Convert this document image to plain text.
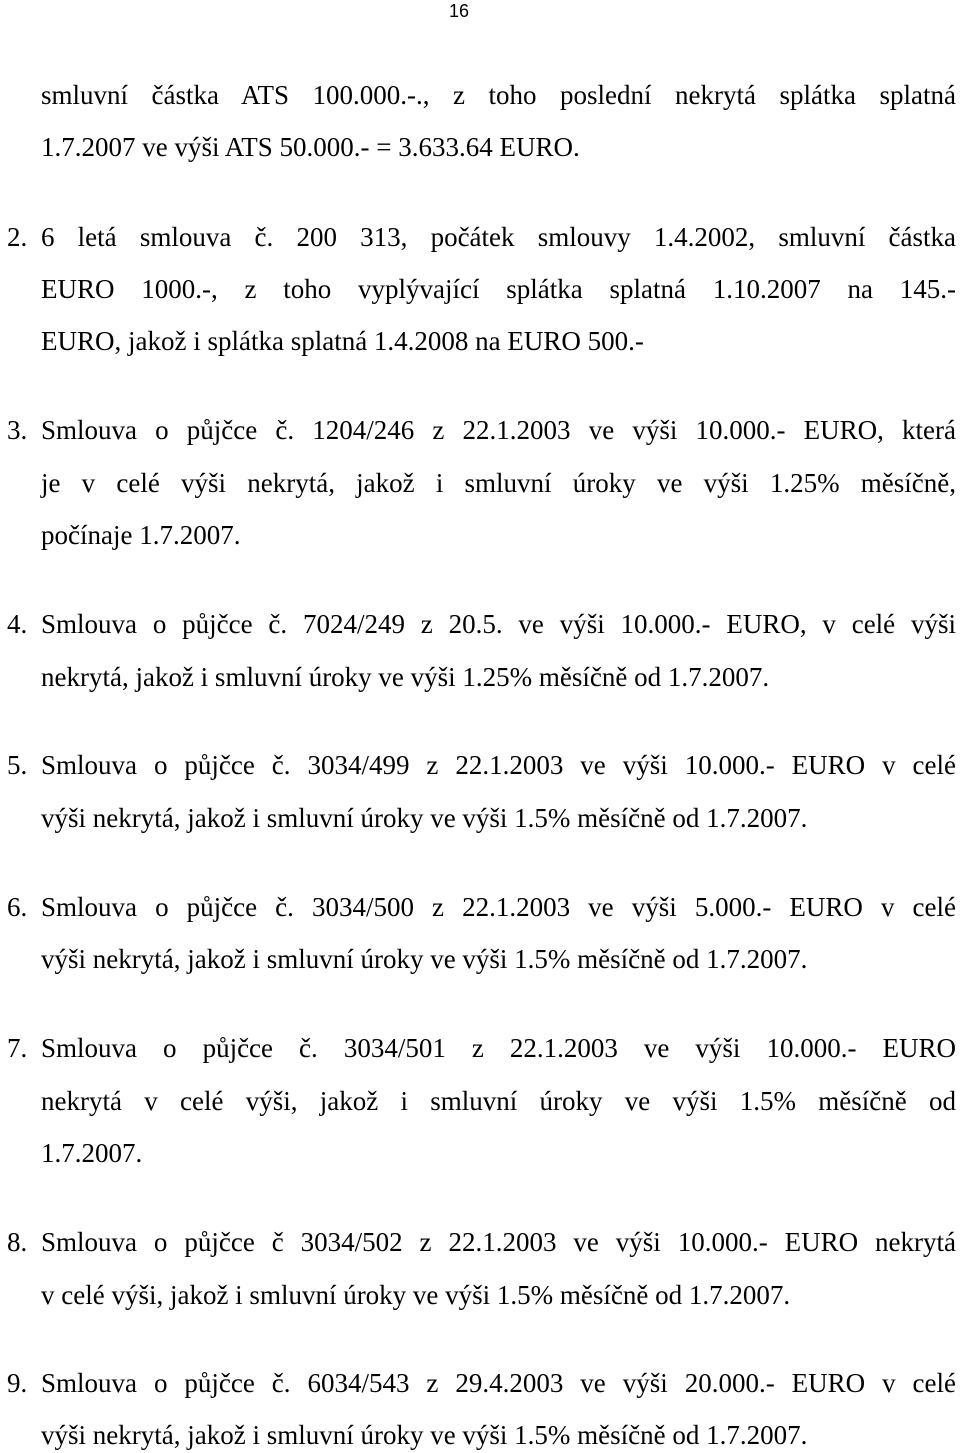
16
smluvní částka ATS 100.000.-., z toho poslední nekrytá splátka splatná
1.7.2007 ve výši ATS 50.000.- = 3.633.64 EURO.
2. 6 letá smlouva č. 200 313, počátek smlouvy 1.4.2002, smluvní částka
EURO 1000.-, z toho vyplývající splátka splatná 1.10.2007 na 145.-
EURO, jakož i splátka splatná 1.4.2008 na EURO 500.-
3. Smlouva o půjčce č. 1204/246 z 22.1.2003 ve výši 10.000.- EURO, která
je v celé výši nekrytá, jakož i smluvní úroky ve výši 1.25% měsíčně,
počínaje 1.7.2007.
4. Smlouva o půjčce č. 7024/249 z 20.5. ve výši 10.000.- EURO, v celé výši
nekrytá, jakož i smluvní úroky ve výši 1.25% měsíčně od 1.7.2007.
5. Smlouva o půjčce č. 3034/499 z 22.1.2003 ve výši 10.000.- EURO v celé
výši nekrytá, jakož i smluvní úroky ve výši 1.5% měsíčně od 1.7.2007.
6. Smlouva o půjčce č. 3034/500 z 22.1.2003 ve výši 5.000.- EURO v celé
výši nekrytá, jakož i smluvní úroky ve výši 1.5% měsíčně od 1.7.2007.
7. Smlouva o půjčce č. 3034/501 z 22.1.2003 ve výši 10.000.- EURO
nekrytá v celé výši, jakož i smluvní úroky ve výši 1.5% měsíčně od
1.7.2007.
8. Smlouva o půjčce č 3034/502 z 22.1.2003 ve výši 10.000.- EURO nekrytá
v celé výši, jakož i smluvní úroky ve výši 1.5% měsíčně od 1.7.2007.
9. Smlouva o půjčce č. 6034/543 z 29.4.2003 ve výši 20.000.- EURO v celé
výši nekrytá, jakož i smluvní úroky ve výši 1.5% měsíčně od 1.7.2007.
